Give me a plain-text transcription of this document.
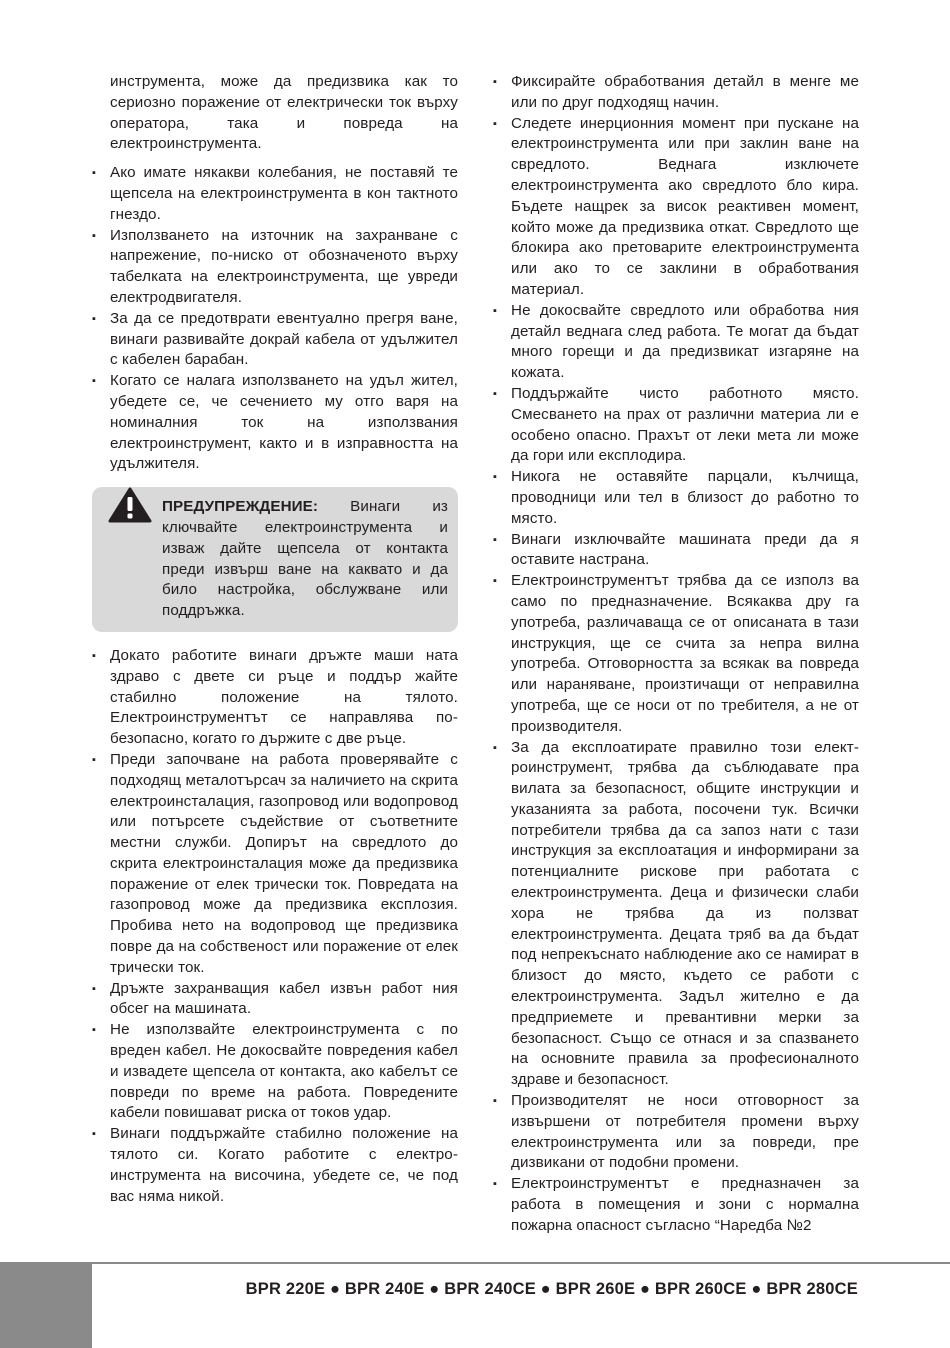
инструмента, може да предизвика как то сериозно поражение от електрически ток върху оператора, така и повреда на електроинструмента.

▪ Ако имате някакви колебания, не поставяй те щепсела на електроинструмента в кон тактното гнездо.
▪ Използването на източник на захранване с напрежение, по-ниско от обозначеното върху табелката на електроинструмента, ще увреди електродвигателя.
▪ За да се предотврати евентуално прегря ване, винаги развивайте докрай кабела от удължител с кабелен барабан.
▪ Когато се налага използването на удъл жител, убедете се, че сечението му отго варя на номиналния ток на използвания електроинструмент, както и в изправността на удължителя.
ПРЕДУПРЕЖДЕНИЕ: Винаги из ключвайте електроинструмента и изваж дайте щепсела от контакта преди извърш ване на каквато и да било настройка, обслужване или поддръжка.
▪ Докато работите винаги дръжте маши ната здраво с двете си ръце и поддър жайте стабилно положение на тялото. Електроинструментът се направлява по-безопасно, когато го държите с две ръце.
▪ Преди започване на работа проверявайте с подходящ металотърсач за наличието на скрита електроинсталация, газопровод или водопровод или потърсете съдействие от съответните местни служби. Допирът на свредлото до скрита електроинсталация може да предизвика поражение от елек трически ток. Повредата на газопровод може да предизвика експлозия. Пробива нето на водопровод ще предизвика повре да на собственост или поражение от елек трически ток.
▪ Дръжте захранващия кабел извън работ ния обсег на машината.
▪ Не използвайте електроинструмента с по вреден кабел. Не докосвайте повредения кабел и извадете щепсела от контакта, ако кабелът се повреди по време на работа. Повредените кабели повишават риска от токов удар.
▪ Винаги поддържайте стабилно положение на тялото си. Когато работите с електро-инструмента на височина, убедете се, че под вас няма никой.
▪ Фиксирайте обработвания детайл в менге ме или по друг подходящ начин.
▪ Следете инерционния момент при пускане на електроинструмента или при заклин ване на свредлото. Веднага изключете електроинструмента ако свредлото бло кира. Бъдете нащрек за висок реактивен момент, който може да предизвика откат. Свредлото ще блокира ако претоварите електроинструмента или ако то се заклини в обработвания материал.
▪ Не докосвайте свредлото или обработва ния детайл веднага след работа. Те могат да бъдат много горещи и да предизвикат изгаряне на кожата.
▪ Поддържайте чисто работното място. Смесването на прах от различни материа ли е особено опасно. Прахът от леки мета ли може да гори или експлодира.
▪ Никога не оставяйте парцали, кълчища, проводници или тел в близост до работно то място.
▪ Винаги изключвайте машината преди да я оставите настрана.
▪ Електроинструментът трябва да се използ ва само по предназначение. Всякаква дру га употреба, различаваща се от описаната в тази инструкция, ще се счита за непра вилна употреба. Отговорността за всякак ва повреда или нараняване, произтичащи от неправилна употреба, ще се носи от по требителя, а не от производителя.
▪ За да експлоатирате правилно този елект-роинструмент, трябва да съблюдавате пра вилата за безопасност, общите инструкции и указанията за работа, посочени тук. Всички потребители трябва да са запоз нати с тази инструкция за експлоатация и информирани за потенциалните рискове при работата с електроинструмента. Деца и физически слаби хора не трябва да из ползват електроинструмента. Децата тряб ва да бъдат под непрекъснато наблюдение ако се намират в близост до място, където се работи с електроинструмента. Задъл жително е да предприемете и превантивни мерки за безопасност. Също се отнася и за спазването на основните правила за професионалното здраве и безопасност.
▪ Производителят не носи отговорност за извършени от потребителя промени върху електроинструмента или за повреди, пре дизвикани от подобни промени.
▪ Електроинструментът е предназначен за работа в помещения и зони с нормална пожарна опасност съгласно “Наредба №2
BPR 220E ● BPR 240E ● BPR 240CE ● BPR 260E ● BPR 260CE ● BPR 280CE
